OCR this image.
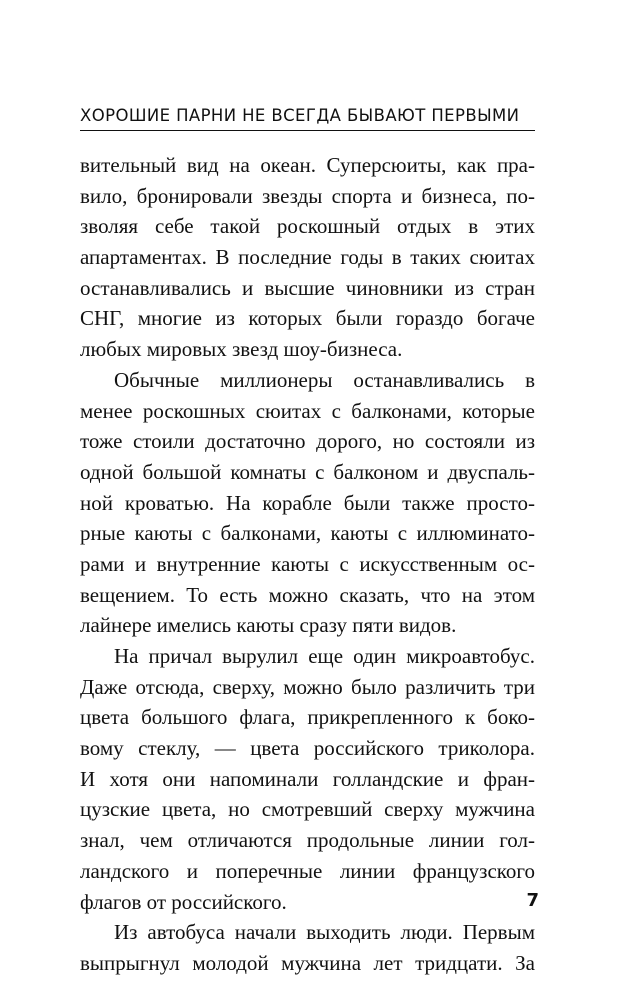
ХОРОШИЕ ПАРНИ НЕ ВСЕГДА БЫВАЮТ ПЕРВЫМИ
вительный вид на океан. Суперсюиты, как пра-
вило, бронировали звезды спорта и бизнеса, по-
зволяя себе такой роскошный отдых в этих
апартаментах. В последние годы в таких сюитах
останавливались и высшие чиновники из стран
СНГ, многие из которых были гораздо богаче
любых мировых звезд шоу-бизнеса.
Обычные миллионеры останавливались в
менее роскошных сюитах с балконами, которые
тоже стоили достаточно дорого, но состояли из
одной большой комнаты с балконом и двуспаль-
ной кроватью. На корабле были также просто-
рные каюты с балконами, каюты с иллюминато-
рами и внутренние каюты с искусственным ос-
вещением. То есть можно сказать, что на этом
лайнере имелись каюты сразу пяти видов.
На причал вырулил еще один микроавтобус.
Даже отсюда, сверху, можно было различить три
цвета большого флага, прикрепленного к боко-
вому стеклу, — цвета российского триколора.
И хотя они напоминали голландские и фран-
цузские цвета, но смотревший сверху мужчина
знал, чем отличаются продольные линии гол-
ландского и поперечные линии французского
флагов от российского.
Из автобуса начали выходить люди. Первым
выпрыгнул молодой мужчина лет тридцати. За
7
